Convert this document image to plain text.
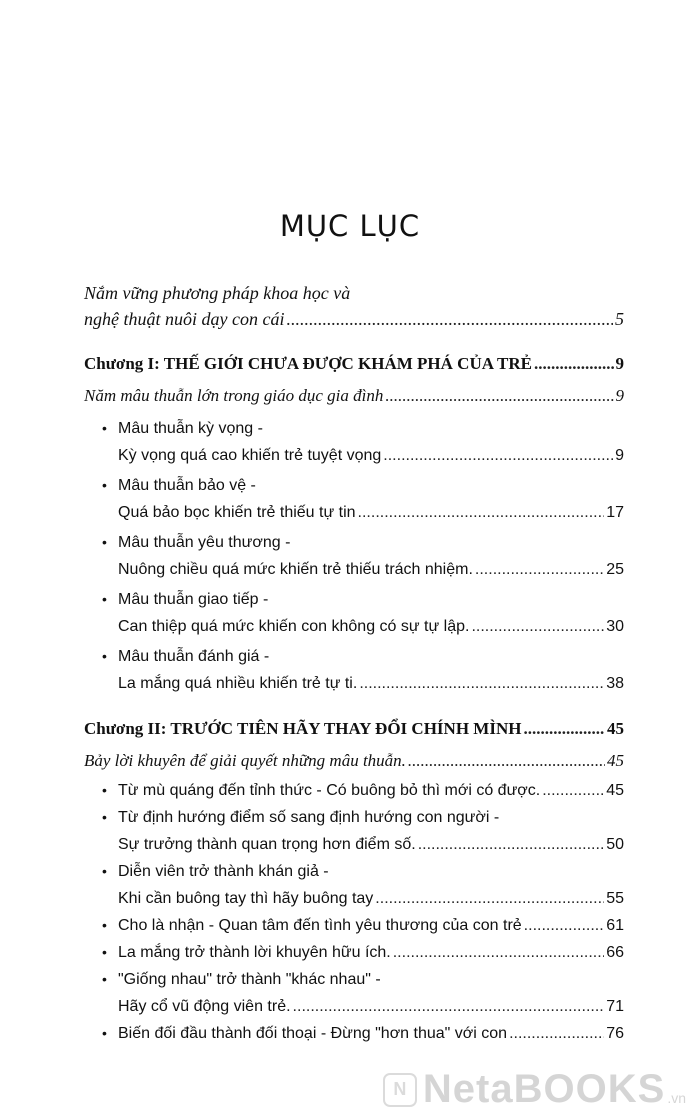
MỤC LỤC
Nắm vững phương pháp khoa học và
nghệ thuật nuôi dạy con cái .....	5
Chương I: THẾ GIỚI CHƯA ĐƯỢC KHÁM PHÁ CỦA TRẺ .....	9
Năm mâu thuẫn lớn trong giáo dục gia đình .....	9
• Mâu thuẫn kỳ vọng -
Kỳ vọng quá cao khiến trẻ tuyệt vọng .....	9
• Mâu thuẫn bảo vệ -
Quá bảo bọc khiến trẻ thiếu tự tin .....	17
• Mâu thuẫn yêu thương -
Nuông chiều quá mức khiến trẻ thiếu trách nhiệm. .....	25
• Mâu thuẫn giao tiếp -
Can thiệp quá mức khiến con không có sự tự lập. .....	30
• Mâu thuẫn đánh giá -
La mắng quá nhiều khiến trẻ tự ti. .....	38
Chương II: TRƯỚC TIÊN HÃY THAY ĐỔI CHÍNH MÌNH .....	45
Bảy lời khuyên để giải quyết những mâu thuẫn. .....	45
• Từ mù quáng đến tỉnh thức - Có buông bỏ thì mới có được. .....	45
• Từ định hướng điểm số sang định hướng con người -
Sự trưởng thành quan trọng hơn điểm số. .....	50
• Diễn viên trở thành khán giả -
Khi cần buông tay thì hãy buông tay .....	55
• Cho là nhận - Quan tâm đến tình yêu thương của con trẻ .....	61
• La mắng trở thành lời khuyên hữu ích. .....	66
• "Giống nhau" trở thành "khác nhau" -
Hãy cổ vũ động viên trẻ. .....	71
• Biến đối đầu thành đối thoại - Đừng "hơn thua" với con .....	76
N NetaBOOKS .vn
